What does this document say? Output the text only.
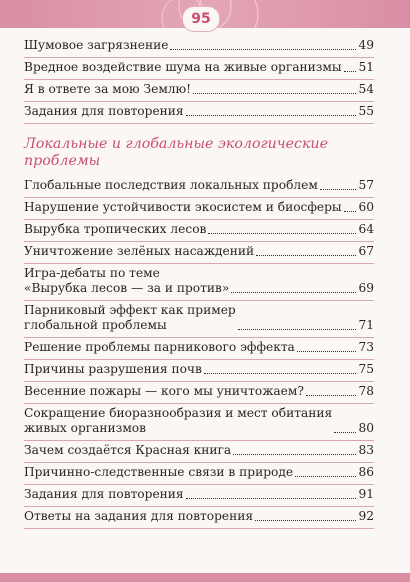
Шумовое загрязнение	49
Вредное воздействие шума на живые организмы 51
Я в ответе за мою Землю!	54
Задания для повторения	55
Локальные и глобальные экологические
проблемы
Глобальные последствия локальных проблем	57
Нарушение устойчивости экосистем и биосферы 60
Вырубка тропических лесов	64
Уничтожение зелёных насаждений	67
Игра-дебаты по теме
«Вырубка лесов — за и против»	69
Парниковый эффект как пример
глобальной проблемы	71
Решение проблемы парникового эффекта	73
Причины разрушения почв	75
Весенние пожары — кого мы уничтожаем?	78
Сокращение биоразнообразия и мест обитания
живых организмов	80
Зачем создаётся Красная книга	83
Причинно-следственные связи в природе	86
Задания для повторения	91
Ответы на задания для повторения	92
95
